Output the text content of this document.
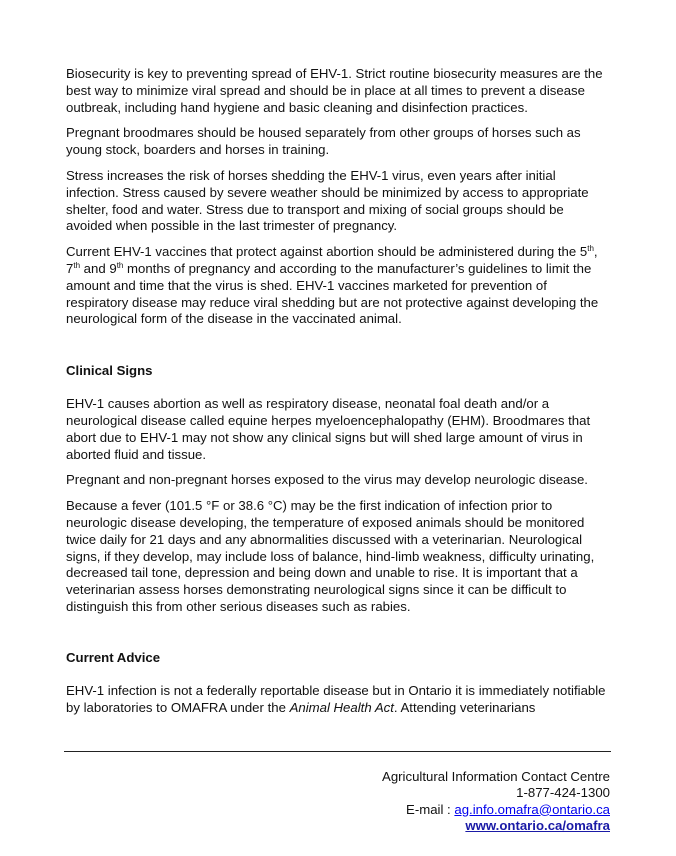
Biosecurity is key to preventing spread of EHV-1. Strict routine biosecurity measures are the best way to minimize viral spread and should be in place at all times to prevent a disease outbreak, including hand hygiene and basic cleaning and disinfection practices.

Pregnant broodmares should be housed separately from other groups of horses such as young stock, boarders and horses in training.

Stress increases the risk of horses shedding the EHV-1 virus, even years after initial infection. Stress caused by severe weather should be minimized by access to appropriate shelter, food and water. Stress due to transport and mixing of social groups should be avoided when possible in the last trimester of pregnancy.

Current EHV-1 vaccines that protect against abortion should be administered during the 5th, 7th and 9th months of pregnancy and according to the manufacturer’s guidelines to limit the amount and time that the virus is shed. EHV-1 vaccines marketed for prevention of respiratory disease may reduce viral shedding but are not protective against developing the neurological form of the disease in the vaccinated animal.

Clinical Signs

EHV-1 causes abortion as well as respiratory disease, neonatal foal death and/or a neurological disease called equine herpes myeloencephalopathy (EHM). Broodmares that abort due to EHV-1 may not show any clinical signs but will shed large amount of virus in aborted fluid and tissue.

Pregnant and non-pregnant horses exposed to the virus may develop neurologic disease.

Because a fever (101.5 °F or 38.6 °C) may be the first indication of infection prior to neurologic disease developing, the temperature of exposed animals should be monitored twice daily for 21 days and any abnormalities discussed with a veterinarian. Neurological signs, if they develop, may include loss of balance, hind-limb weakness, difficulty urinating, decreased tail tone, depression and being down and unable to rise. It is important that a veterinarian assess horses demonstrating neurological signs since it can be difficult to distinguish this from other serious diseases such as rabies.

Current Advice

EHV-1 infection is not a federally reportable disease but in Ontario it is immediately notifiable by laboratories to OMAFRA under the Animal Health Act. Attending veterinarians

Agricultural Information Contact Centre
1-877-424-1300
E-mail : ag.info.omafra@ontario.ca
www.ontario.ca/omafra
